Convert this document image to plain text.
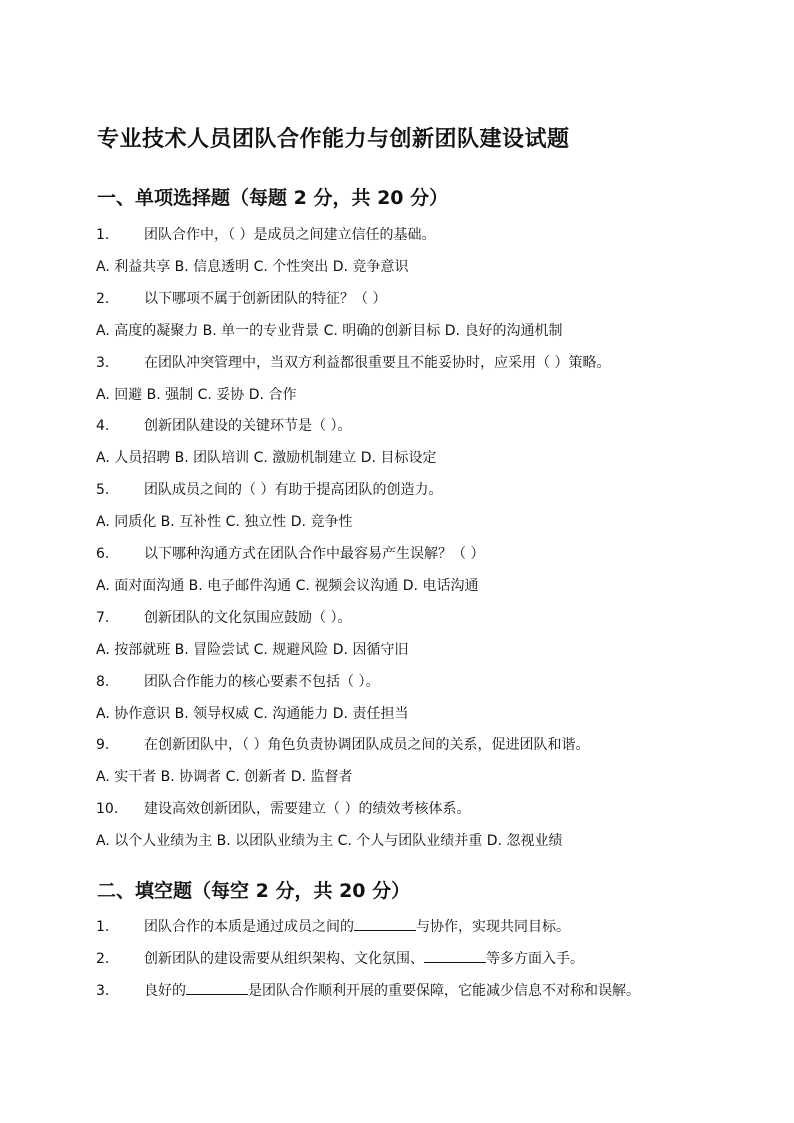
专业技术人员团队合作能力与创新团队建设试题
一、单项选择题（每题 2 分，共 20 分）
1. 团队合作中，（ ）是成员之间建立信任的基础。
A. 利益共享 B. 信息透明 C. 个性突出 D. 竞争意识
2. 以下哪项不属于创新团队的特征？（ ）
A. 高度的凝聚力 B. 单一的专业背景 C. 明确的创新目标 D. 良好的沟通机制
3. 在团队冲突管理中，当双方利益都很重要且不能妥协时，应采用（ ）策略。
A. 回避 B. 强制 C. 妥协 D. 合作
4. 创新团队建设的关键环节是（ ）。
A. 人员招聘 B. 团队培训 C. 激励机制建立 D. 目标设定
5. 团队成员之间的（ ）有助于提高团队的创造力。
A. 同质化 B. 互补性 C. 独立性 D. 竞争性
6. 以下哪种沟通方式在团队合作中最容易产生误解？（ ）
A. 面对面沟通 B. 电子邮件沟通 C. 视频会议沟通 D. 电话沟通
7. 创新团队的文化氛围应鼓励（ ）。
A. 按部就班 B. 冒险尝试 C. 规避风险 D. 因循守旧
8. 团队合作能力的核心要素不包括（ ）。
A. 协作意识 B. 领导权威 C. 沟通能力 D. 责任担当
9. 在创新团队中，（ ）角色负责协调团队成员之间的关系，促进团队和谐。
A. 实干者 B. 协调者 C. 创新者 D. 监督者
10. 建设高效创新团队，需要建立（ ）的绩效考核体系。
A. 以个人业绩为主 B. 以团队业绩为主 C. 个人与团队业绩并重 D. 忽视业绩
二、填空题（每空 2 分，共 20 分）
1. 团队合作的本质是通过成员之间的	与协作，实现共同目标。
2. 创新团队的建设需要从组织架构、文化氛围、	等多方面入手。
3. 良好的	是团队合作顺利开展的重要保障，它能减少信息不对称和误解。
